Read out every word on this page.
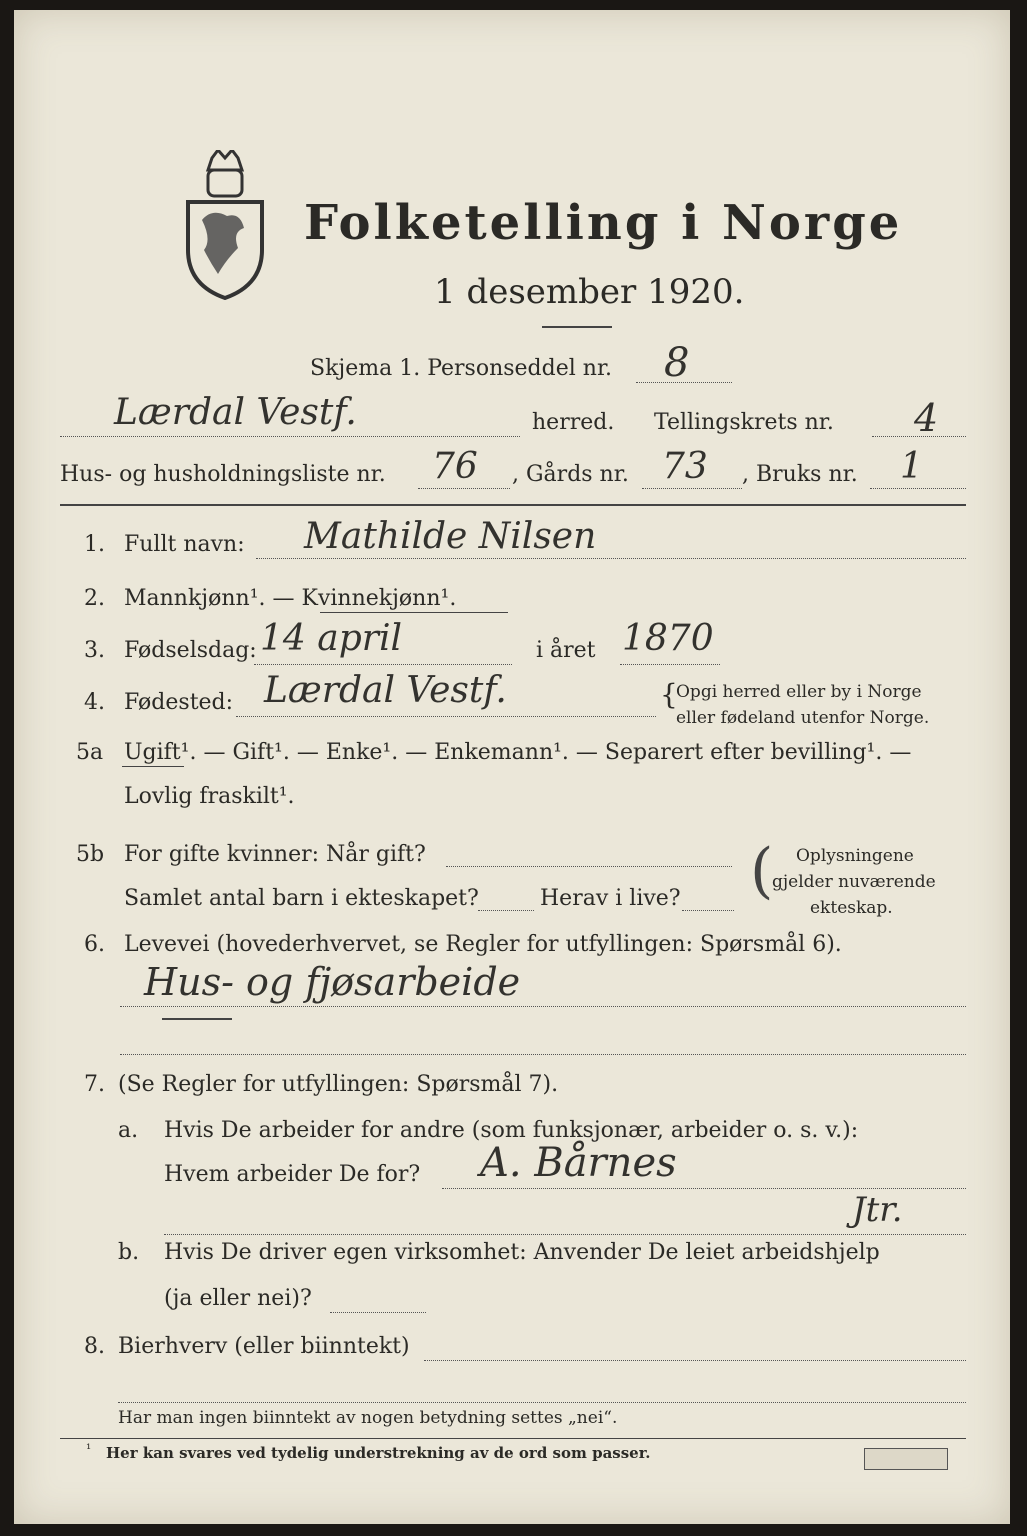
Folketelling i Norge
1 desember 1920.
Skjema 1. Personseddel nr. 8
Lærdal Vestf.	herred. Tellingskrets nr. 4
Hus- og husholdningsliste nr. 76 , Gårds nr. 73 , Bruks nr. 1
1. Fullt navn: Mathilde Nilsen
2. Mannkjønn¹. — Kvinnekjønn¹.
3. Fødselsdag: 14 april	i året 1870
4. Fødested: Lærdal Vestf.	{
Opgi herred eller by i Norge
eller fødeland utenfor Norge.
5a Ugift¹. — Gift¹. — Enke¹. — Enkemann¹. — Separert efter bevilling¹. —
Lovlig fraskilt¹.
5b For gifte kvinner: Når gift?
Samlet antal barn i ekteskapet?	Herav i live? ( Oplysningene
gjelder nuværende
ekteskap.
6. Levevei (hovederhvervet, se Regler for utfyllingen: Spørsmål 6).
Hus- og fjøsarbeide
7. (Se Regler for utfyllingen: Spørsmål 7).
a. Hvis De arbeider for andre (som funksjonær, arbeider o. s. v.):
Hvem arbeider De for? A. Bårnes
Jtr.
b. Hvis De driver egen virksomhet: Anvender De leiet arbeidshjelp
(ja eller nei)?
8. Bierhverv (eller biinntekt)
Har man ingen biinntekt av nogen betydning settes „nei“.
¹ Her kan svares ved tydelig understrekning av de ord som passer.
